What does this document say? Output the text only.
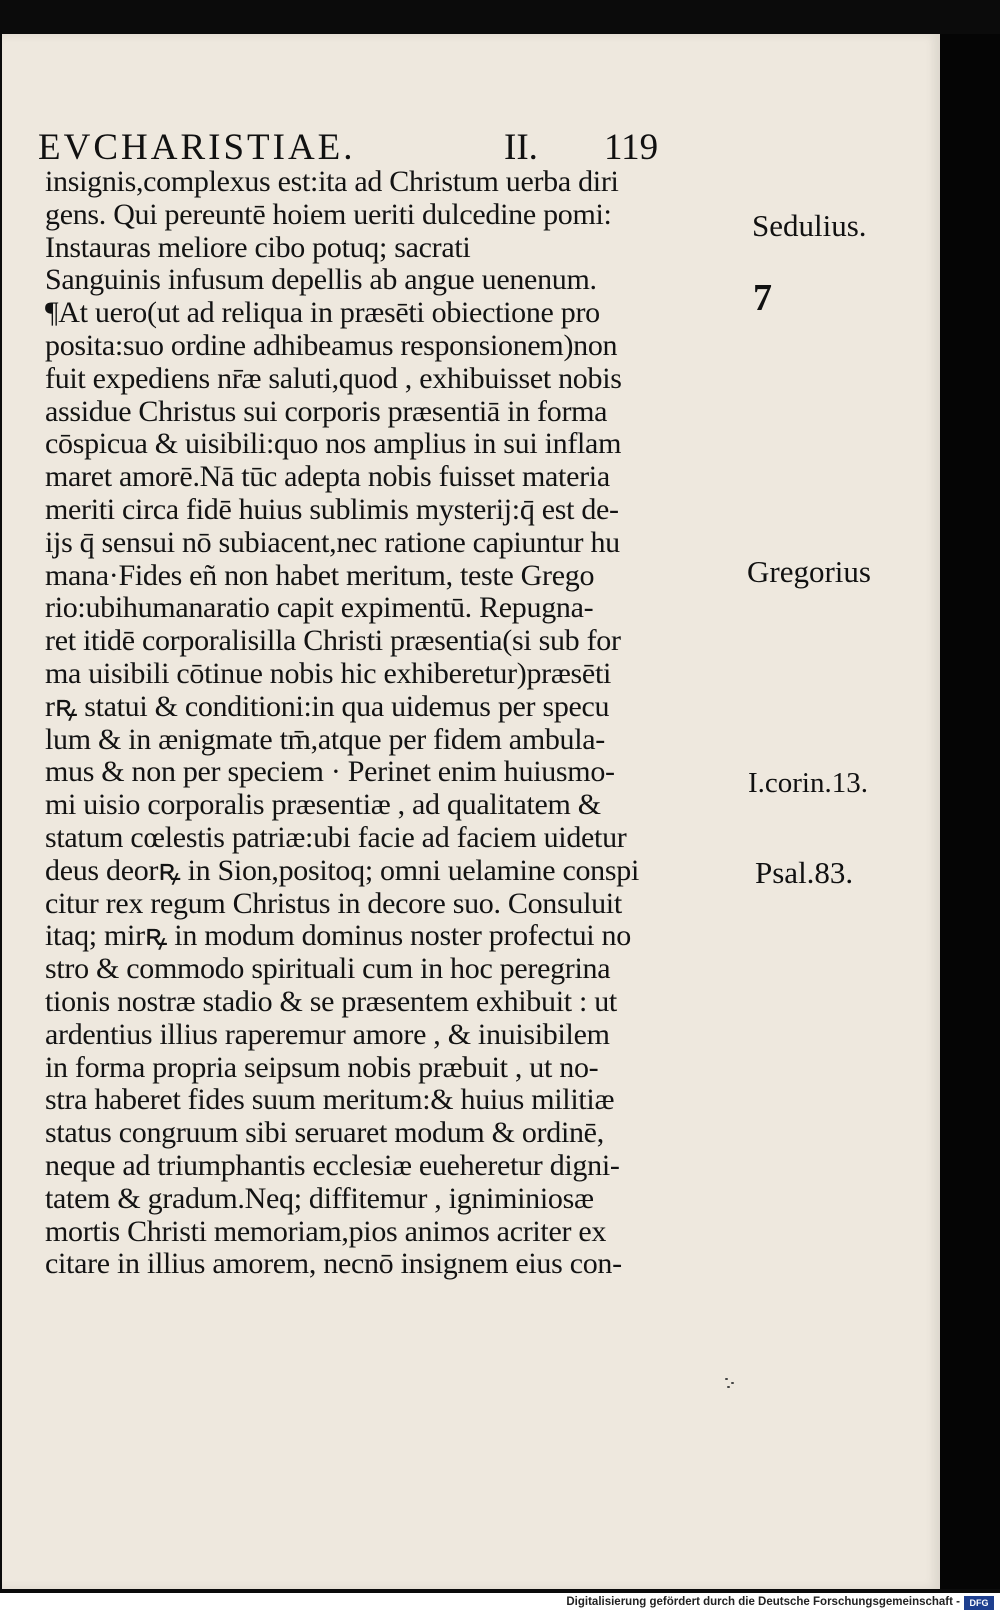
EVCHARISTIAE.	II. 119
insignis,complexus est:ita ad Christum uerba diri
gens. Qui pereuntē hoiem ueriti dulcedine pomi:
Instauras meliore cibo potuq; sacrati
Sanguinis infusum depellis ab angue uenenum.
¶At uero(ut ad reliqua in præsēti obiectione pro
posita:suo ordine adhibeamus responsionem)non
fuit expediens nr̄æ saluti,quod , exhibuisset nobis
assidue Christus sui corporis præsentiā in forma
cōspicua & uisibili:quo nos amplius in sui inflam
maret amorē.Nā tūc adepta nobis fuisset materia
meriti circa fidē huius sublimis mysterij:q̄ est de-
ijs q̄ sensui nō subiacent,nec ratione capiuntur hu
mana·Fides eñ non habet meritum, teste Grego
rio:ubihumanaratio capit expimentū. Repugna-
ret itidē corporalisilla Christi præsentia(si sub for
ma uisibili cōtinue nobis hic exhiberetur)præsēti
rꝶ statui & conditioni:in qua uidemus per specu
lum & in ænigmate tm̄,atque per fidem ambula-
mus & non per speciem · Perinet enim huiusmo-
mi uisio corporalis præsentiæ , ad qualitatem &
statum cœlestis patriæ:ubi facie ad faciem uidetur
deus deorꝶ in Sion,positoq; omni uelamine conspi
citur rex regum Christus in decore suo. Consuluit
itaq; mirꝶ in modum dominus noster profectui no
stro & commodo spirituali cum in hoc peregrina
tionis nostræ stadio & se præsentem exhibuit : ut
ardentius illius raperemur amore , & inuisibilem
in forma propria seipsum nobis præbuit , ut no-
stra haberet fides suum meritum:& huius militiæ
status congruum sibi seruaret modum & ordinē,
neque ad triumphantis ecclesiæ eueheretur digni-
tatem & gradum.Neq; diffitemur , igniminiosæ
mortis Christi memoriam,pios animos acriter ex
citare in illius amorem, necnō insignem eius con-
Sedulius.
7
Gregorius
I.corin.13.
Psal.83.
Digitalisierung gefördert durch die Deutsche Forschungsgemeinschaft -	DFG
